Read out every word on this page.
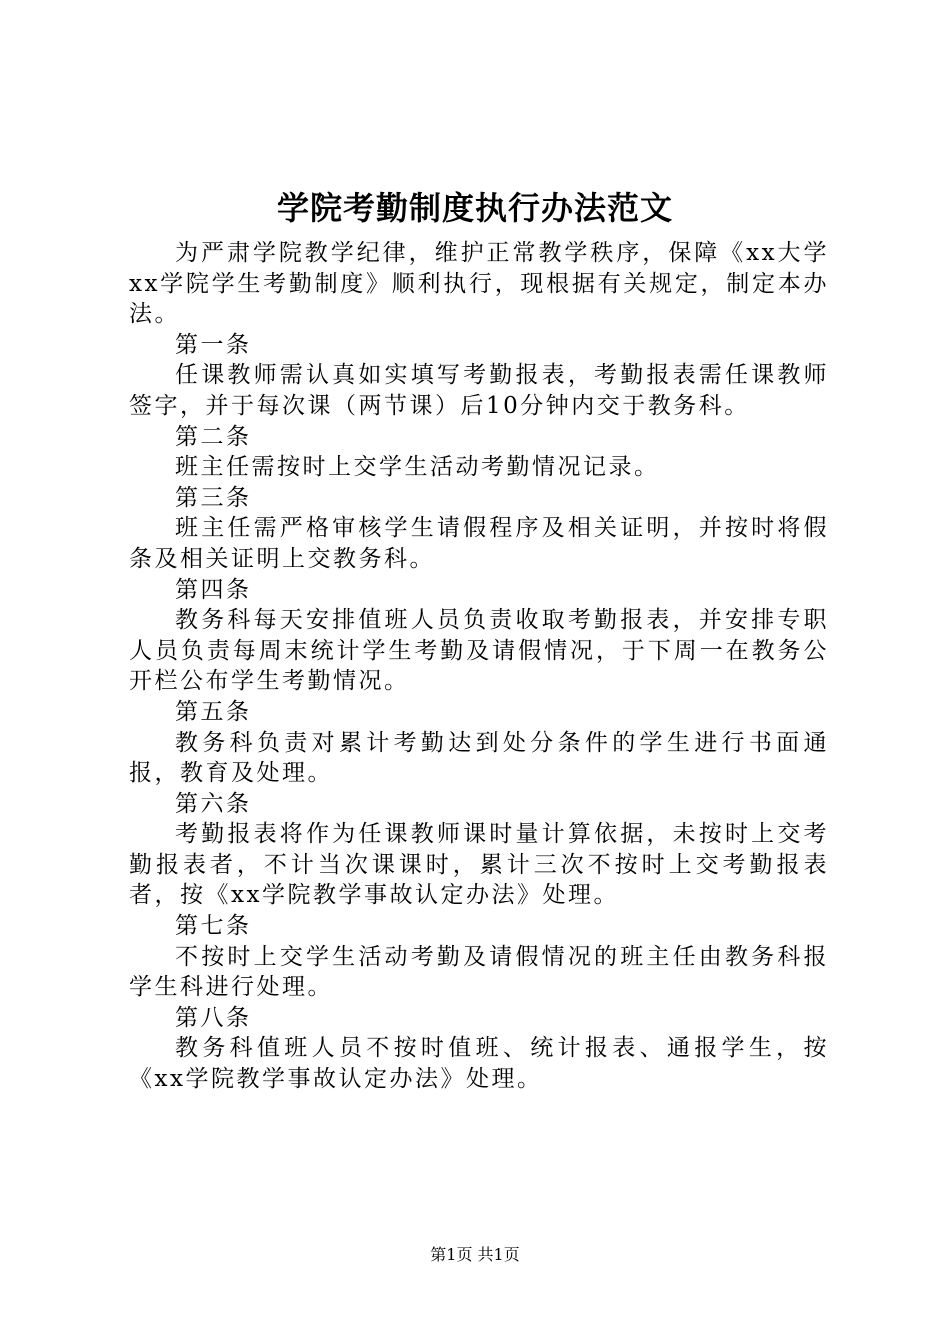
学院考勤制度执行办法范文

为严肃学院教学纪律，维护正常教学秩序，保障《xx大学xx学院学生考勤制度》顺利执行，现根据有关规定，制定本办法。

第一条

任课教师需认真如实填写考勤报表，考勤报表需任课教师签字，并于每次课（两节课）后10分钟内交于教务科。

第二条

班主任需按时上交学生活动考勤情况记录。

第三条

班主任需严格审核学生请假程序及相关证明，并按时将假条及相关证明上交教务科。

第四条

教务科每天安排值班人员负责收取考勤报表，并安排专职人员负责每周末统计学生考勤及请假情况，于下周一在教务公开栏公布学生考勤情况。

第五条

教务科负责对累计考勤达到处分条件的学生进行书面通报，教育及处理。

第六条

考勤报表将作为任课教师课时量计算依据，未按时上交考勤报表者，不计当次课课时，累计三次不按时上交考勤报表者，按《xx学院教学事故认定办法》处理。

第七条

不按时上交学生活动考勤及请假情况的班主任由教务科报学生科进行处理。

第八条

教务科值班人员不按时值班、统计报表、通报学生，按《xx学院教学事故认定办法》处理。

第1页 共1页
